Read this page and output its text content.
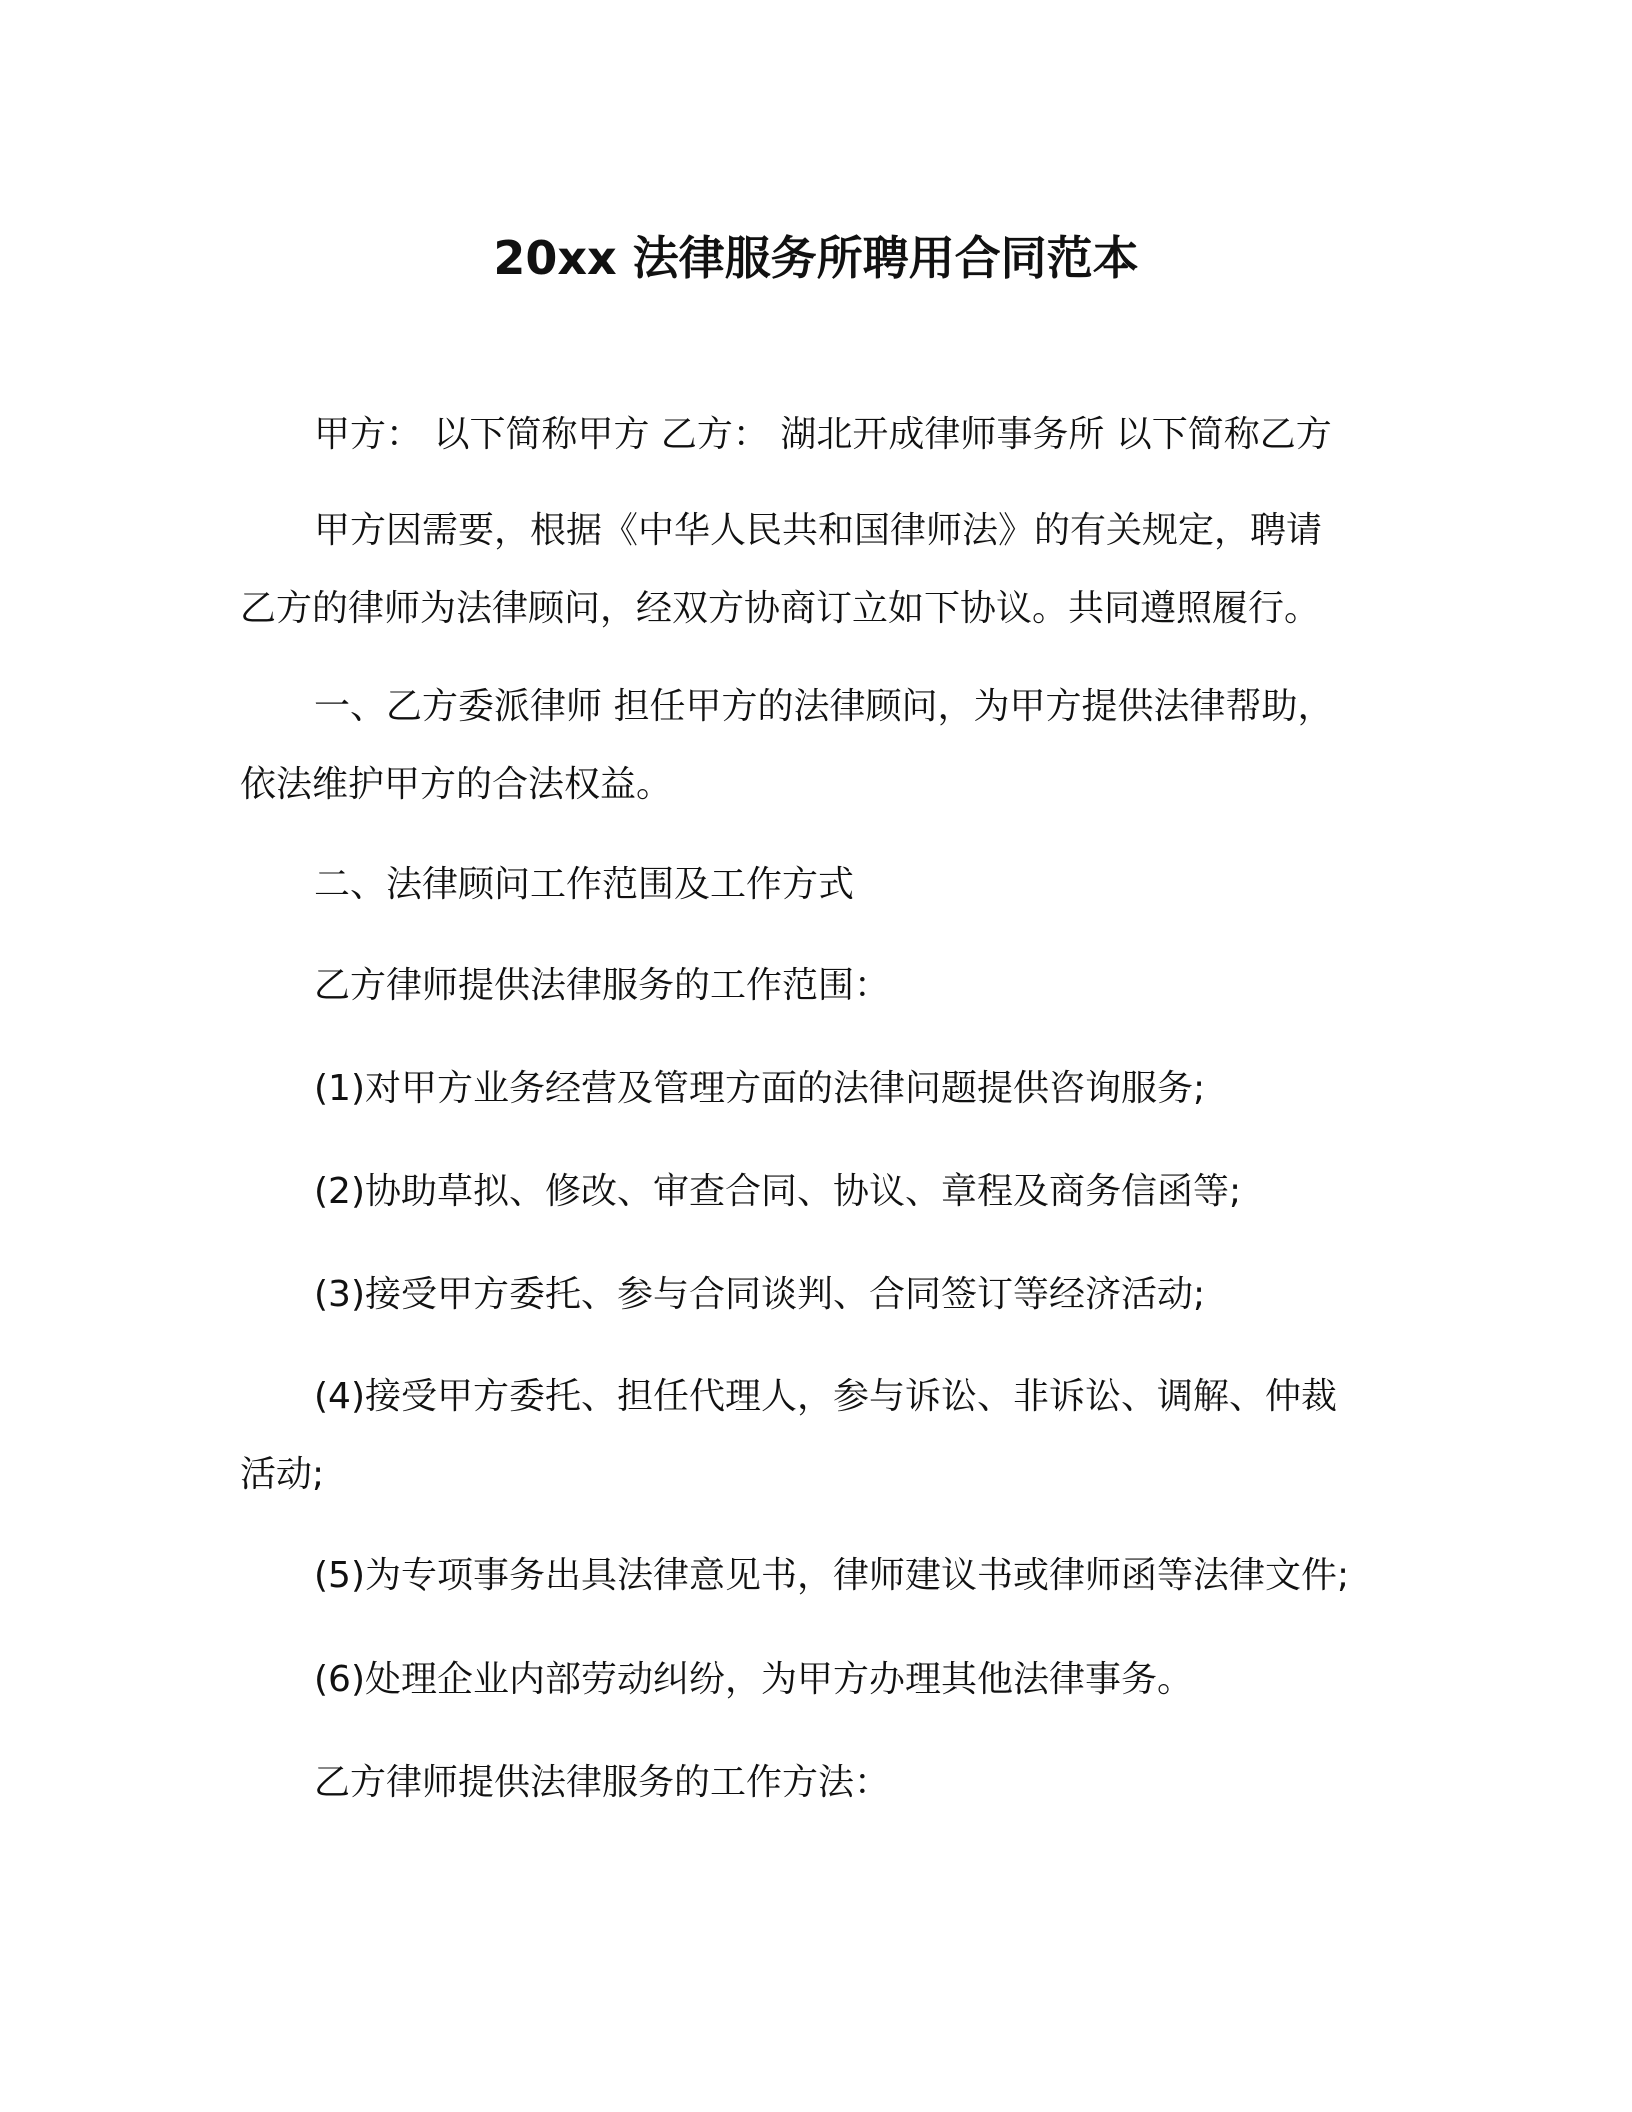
20xx 法律服务所聘用合同范本
甲方： 以下简称甲方 乙方： 湖北开成律师事务所 以下简称乙方
甲方因需要，根据《中华人民共和国律师法》的有关规定，聘请
乙方的律师为法律顾问，经双方协商订立如下协议。共同遵照履行。
一、乙方委派律师 担任甲方的法律顾问，为甲方提供法律帮助，
依法维护甲方的合法权益。
二、法律顾问工作范围及工作方式
乙方律师提供法律服务的工作范围：
(1)对甲方业务经营及管理方面的法律问题提供咨询服务;
(2)协助草拟、修改、审查合同、协议、章程及商务信函等;
(3)接受甲方委托、参与合同谈判、合同签订等经济活动;
(4)接受甲方委托、担任代理人，参与诉讼、非诉讼、调解、仲裁
活动;
(5)为专项事务出具法律意见书，律师建议书或律师函等法律文件;
(6)处理企业内部劳动纠纷，为甲方办理其他法律事务。
乙方律师提供法律服务的工作方法：
